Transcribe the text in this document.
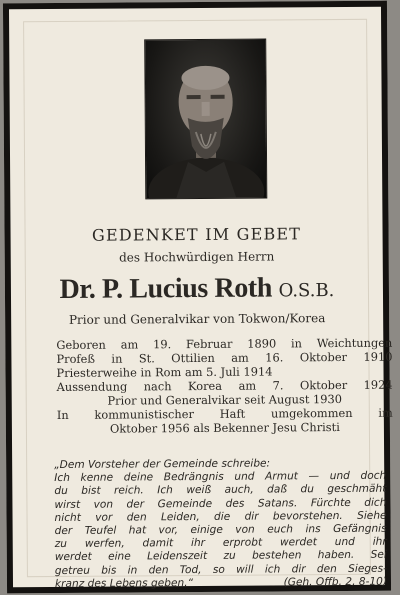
GEDENKET IM GEBET
des Hochwürdigen Herrn
Dr. P. Lucius Roth O.S.B.
Prior und Generalvikar von Tokwon/Korea
Geboren am 19. Februar 1890 in Weichtungen
Profeß in St. Ottilien am 16. Oktober 1910
Priesterweihe in Rom am 5. Juli 1914
Aussendung nach Korea am 7. Oktober 1924
Prior und Generalvikar seit August 1930
In kommunistischer Haft umgekommen im
Oktober 1956 als Bekenner Jesu Christi
„Dem Vorsteher der Gemeinde schreibe:
Ich kenne deine Bedrängnis und Armut — und doch
du bist reich. Ich weiß auch, daß du geschmäht
wirst von der Gemeinde des Satans. Fürchte dich
nicht vor den Leiden, die dir bevorstehen. Siehe
der Teufel hat vor, einige von euch ins Gefängnis
zu werfen, damit ihr erprobt werdet und ihr
werdet eine Leidenszeit zu bestehen haben. Sei
getreu bis in den Tod, so will ich dir den Sieges-
kranz des Lebens geben.“	(Geh. Offb. 2, 8-10)
